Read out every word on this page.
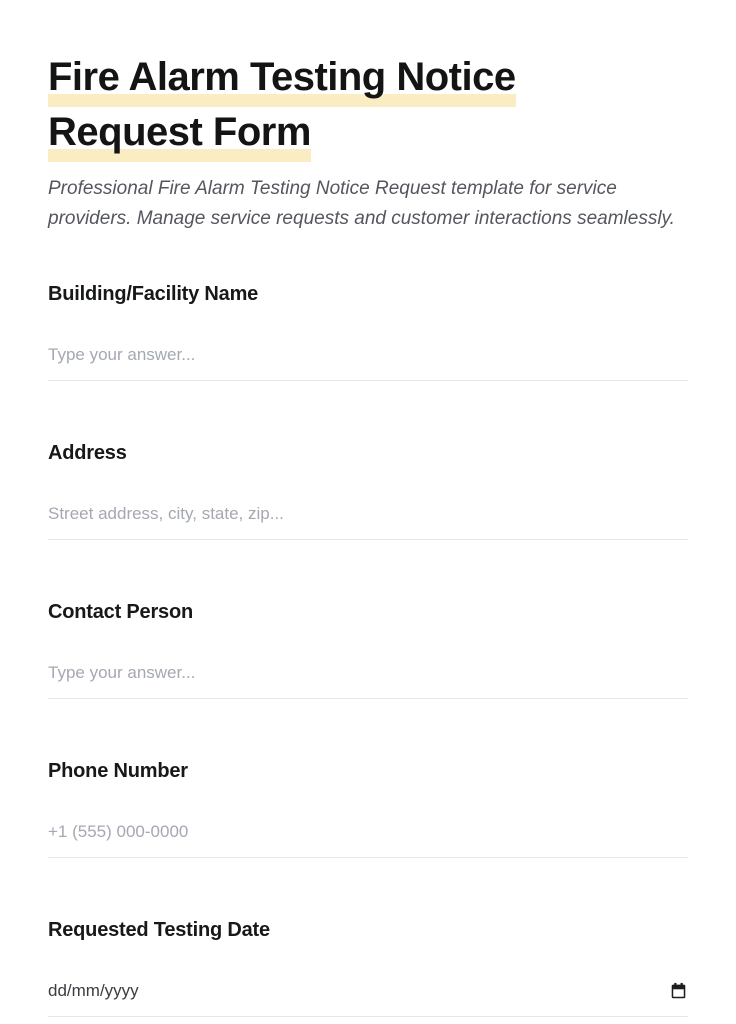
Fire Alarm Testing Notice Request Form

Professional Fire Alarm Testing Notice Request template for service providers. Manage service requests and customer interactions seamlessly.

Building/Facility Name
Type your answer...
Address
Street address, city, state, zip...
Contact Person
Type your answer...
Phone Number
+1 (555) 000-0000
Requested Testing Date
dd/mm/yyyy
